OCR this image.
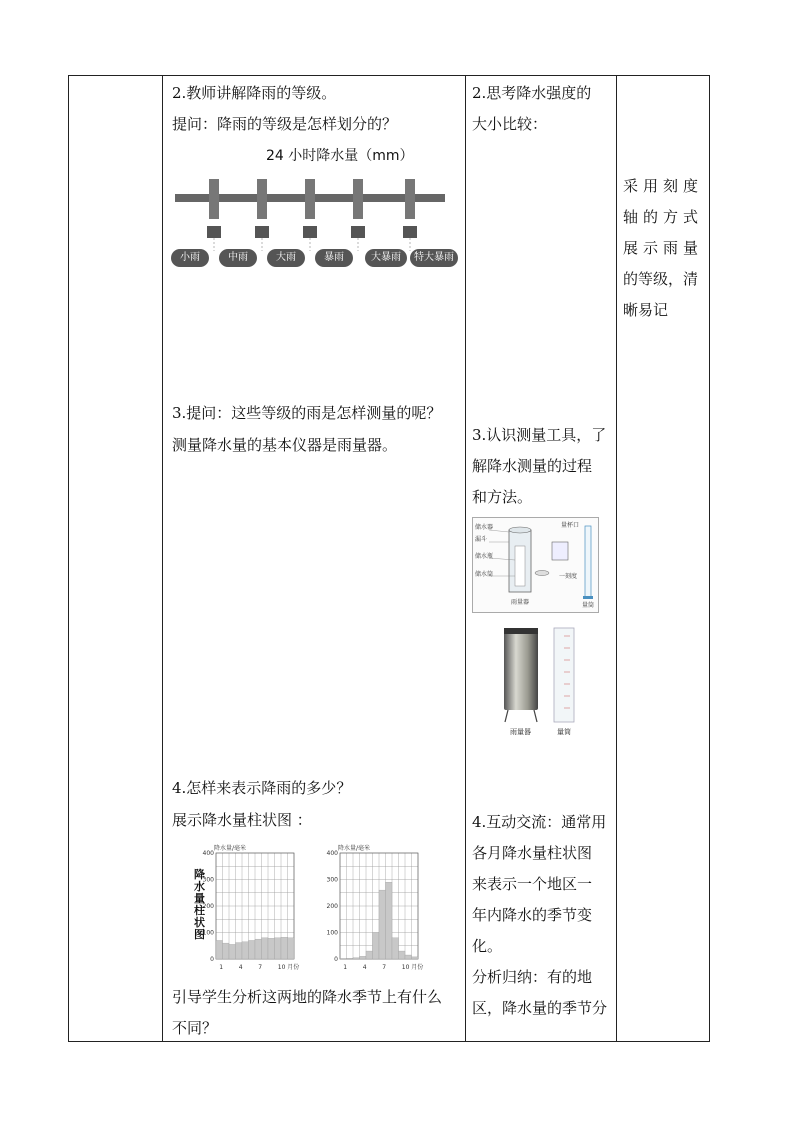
2.教师讲解降雨的等级。
提问：降雨的等级是怎样划分的？
24 小时降水量（mm）
小雨	中雨	大雨	暴雨	大暴雨	特大暴雨
3.提问：这些等级的雨是怎样测量的呢？
测量降水量的基本仪器是雨量器。
4.怎样来表示降雨的多少？
展示降水量柱状图 ：
0
100
200
300
400
降水量/毫米
1	4	7	10 月份
降
水
量
柱
状
图
0
100
200
300
400
降水量/毫米
1	4	7	10 月份
引导学生分析这两地的降水季节上有什么
不同？
2.思考降水强度的
大小比较：
3.认识测量工具，了
解降水测量的过程
和方法。
储水器
漏斗
储水瓶
储水筒
雨量器
量杯口
一刻度
量筒
雨量器	量筒
4.互动交流：通常用
各月降水量柱状图
来表示一个地区一
年内降水的季节变
化。
分析归纳：有的地
区，降水量的季节分
采用刻度
轴的方式
展示雨量
的等级，清
晰易记
